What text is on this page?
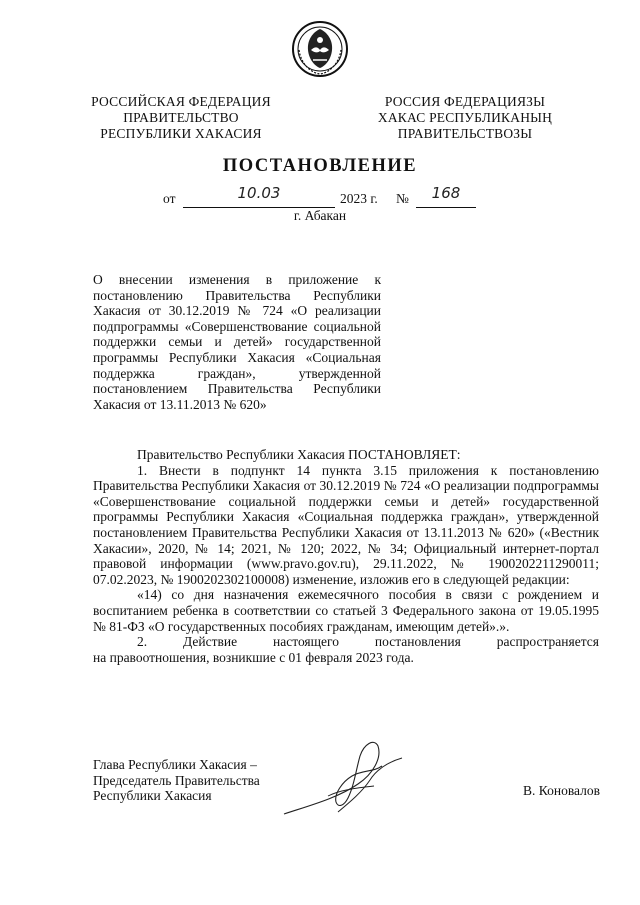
РОССИЙСКАЯ ФЕДЕРАЦИЯ
ПРАВИТЕЛЬСТВО
РЕСПУБЛИКИ ХАКАСИЯ
РОССИЯ ФЕДЕРАЦИЯЗЫ
ХАКАС РЕСПУБЛИКАНЫҢ
ПРАВИТЕЛЬСТВОЗЫ
ПОСТАНОВЛЕНИЕ
от	10.03	2023 г. №	168
г. Абакан

О внесении изменения в приложение к постановлению Правительства Республики Хакасия от 30.12.2019 № 724 «О реализации подпрограммы «Совершенствование социальной поддержки семьи и детей» государственной программы Республики Хакасия «Социальная поддержка граждан», утвержденной постановлением Правительства Республики Хакасия от 13.11.2013 № 620»

Правительство Республики Хакасия ПОСТАНОВЛЯЕТ:

1. Внести в подпункт 14 пункта 3.15 приложения к постановлению Правительства Республики Хакасия от 30.12.2019 № 724 «О реализации подпрограммы «Совершенствование социальной поддержки семьи и детей» государственной программы Республики Хакасия «Социальная поддержка граждан», утвержденной постановлением Правительства Республики Хакасия от 13.11.2013 № 620» («Вестник Хакасии», 2020, № 14; 2021, № 120; 2022, № 34; Официальный интернет-портал правовой информации (www.pravo.gov.ru), 29.11.2022, № 1900202211290011; 07.02.2023, № 1900202302100008) изменение, изложив его в следующей редакции:

«14) со дня назначения ежемесячного пособия в связи с рождением и воспитанием ребенка в соответствии со статьей 3 Федерального закона от 19.05.1995 № 81-ФЗ «О государственных пособиях гражданам, имеющим детей».».

2. Действие настоящего постановления распространяется

на правоотношения, возникшие с 01 февраля 2023 года.

Глава Республики Хакасия –
Председатель Правительства
Республики Хакасия	В. Коновалов
